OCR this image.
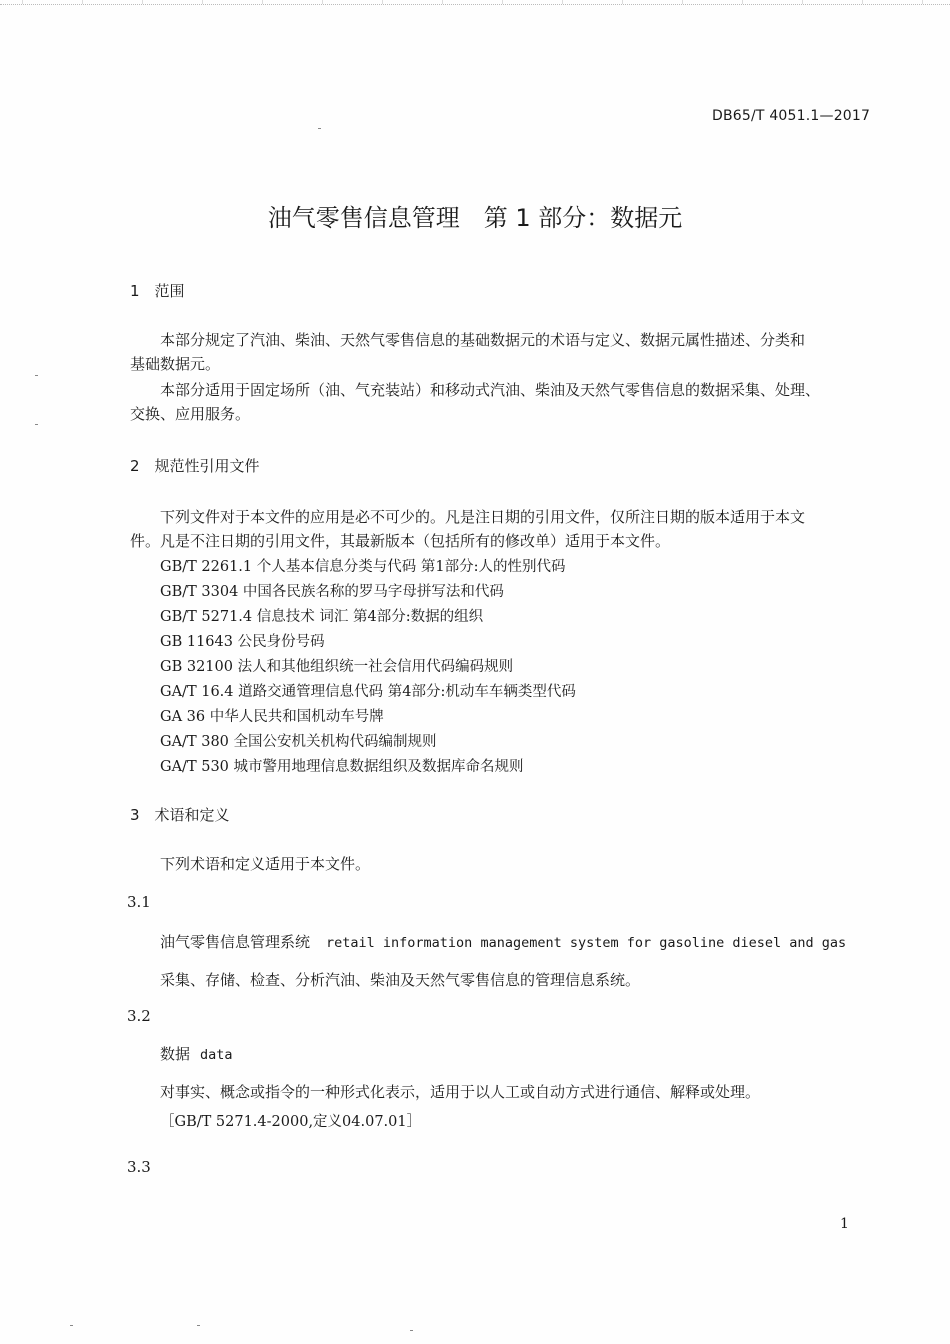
DB65/T 4051.1—2017
油气零售信息管理　第 1 部分：数据元
1　范围
本部分规定了汽油、柴油、天然气零售信息的基础数据元的术语与定义、数据元属性描述、分类和
基础数据元。
本部分适用于固定场所（油、气充装站）和移动式汽油、柴油及天然气零售信息的数据采集、处理、
交换、应用服务。
2　规范性引用文件
下列文件对于本文件的应用是必不可少的。凡是注日期的引用文件，仅所注日期的版本适用于本文
件。凡是不注日期的引用文件，其最新版本（包括所有的修改单）适用于本文件。
GB/T 2261.1 个人基本信息分类与代码 第1部分:人的性别代码
GB/T 3304 中国各民族名称的罗马字母拼写法和代码
GB/T 5271.4 信息技术 词汇 第4部分:数据的组织
GB 11643 公民身份号码
GB 32100 法人和其他组织统一社会信用代码编码规则
GA/T 16.4 道路交通管理信息代码 第4部分:机动车车辆类型代码
GA 36 中华人民共和国机动车号牌
GA/T 380 全国公安机关机构代码编制规则
GA/T 530 城市警用地理信息数据组织及数据库命名规则
3　术语和定义
下列术语和定义适用于本文件。
3.1
油气零售信息管理系统 retail information management system for gasoline diesel and gas
采集、存储、检查、分析汽油、柴油及天然气零售信息的管理信息系统。
3.2
数据 data
对事实、概念或指令的一种形式化表示，适用于以人工或自动方式进行通信、解释或处理。
［GB/T 5271.4-2000,定义04.07.01］
3.3
1
